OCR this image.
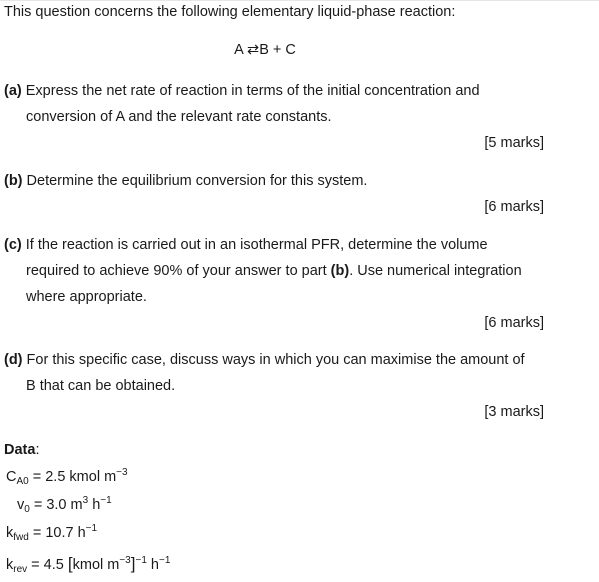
This question concerns the following elementary liquid-phase reaction:
A ⇄B + C
(a) Express the net rate of reaction in terms of the initial concentration and
conversion of A and the relevant rate constants.
[5 marks]
(b) Determine the equilibrium conversion for this system.
[6 marks]
(c) If the reaction is carried out in an isothermal PFR, determine the volume
required to achieve 90% of your answer to part (b). Use numerical integration
where appropriate.
[6 marks]
(d) For this specific case, discuss ways in which you can maximise the amount of
B that can be obtained.
[3 marks]
Data:
$C_{A0} = 2.5$ kmol $m^{-3}$
$v_0 = 3.0$ $m^3$ $h^{-1}$
$k_{fwd} = 10.7$ $h^{-1}$
$k_{rev} = 4.5$ [kmol $m^{-3}]^{-1}$ $h^{-1}$
